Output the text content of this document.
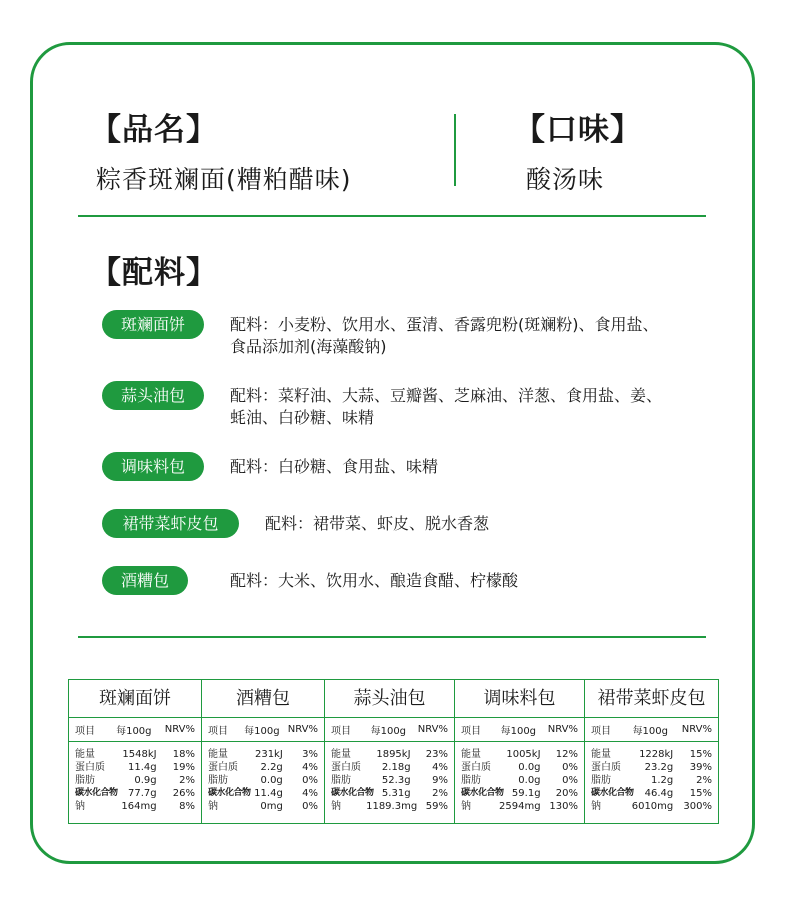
【品名】
粽香斑斓面(糟粕醋味)
【口味】
酸汤味
【配料】
斑斓面饼	配料：小麦粉、饮用水、蛋清、香露兜粉(斑斓粉)、食用盐、
食品添加剂(海藻酸钠)
蒜头油包	配料：菜籽油、大蒜、豆瓣酱、芝麻油、洋葱、食用盐、姜、
蚝油、白砂糖、味精
调味料包	配料：白砂糖、食用盐、味精
裙带菜虾皮包	配料：裙带菜、虾皮、脱水香葱
酒糟包	配料：大米、饮用水、酿造食醋、柠檬酸
斑斓面饼
项目	每100g	NRV%
能量	1548kJ	18%
蛋白质	11.4g	19%
脂肪	0.9g	2%
碳水化合物	77.7g	26%
钠	164mg	8%
酒糟包
项目	每100g NRV%
能量	231kJ	3%
蛋白质	2.2g	4%
脂肪	0.0g	0%
碳水化合物 11.4g	4%
钠	0mg	0%
蒜头油包
项目	每100g	NRV%
能量	1895kJ	23%
蛋白质	2.18g	4%
脂肪	52.3g	9%
碳水化合物 5.31g	2%
钠	1189.3mg 59%
调味料包
项目	每100g	NRV%
能量	1005kJ	12%
蛋白质	0.0g	0%
脂肪	0.0g	0%
碳水化合物 59.1g	20%
钠	2594mg 130%
裙带菜虾皮包
项目	每100g	NRV%
能量	1228kJ	15%
蛋白质	23.2g	39%
脂肪	1.2g	2%
碳水化合物	46.4g	15%
钠	6010mg	300%
